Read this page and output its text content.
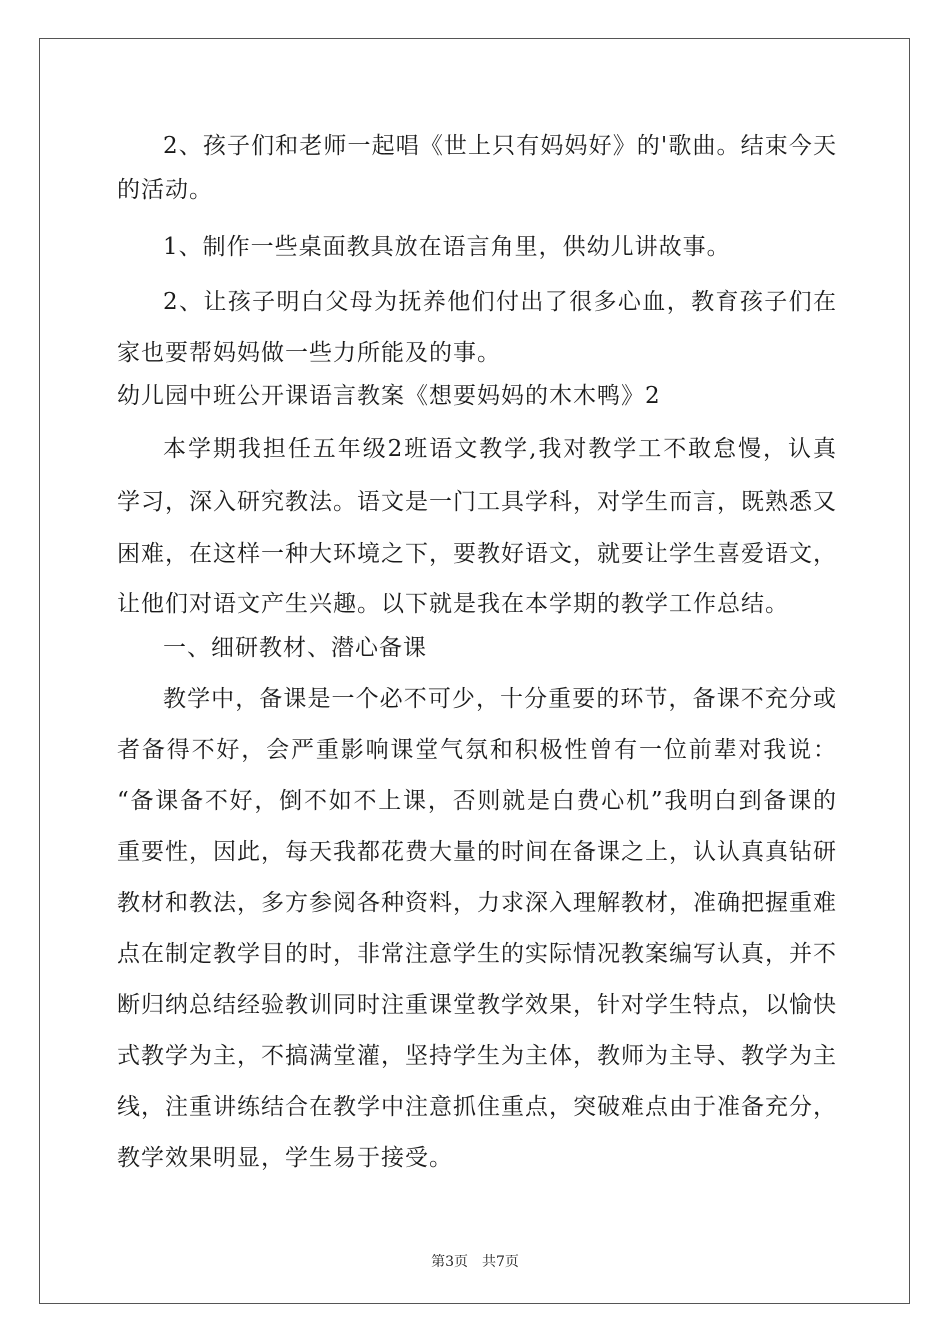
2、孩子们和老师一起唱《世上只有妈妈好》的'歌曲。结束今天
的活动。
1、制作一些桌面教具放在语言角里，供幼儿讲故事。
2、让孩子明白父母为抚养他们付出了很多心血，教育孩子们在
家也要帮妈妈做一些力所能及的事。
幼儿园中班公开课语言教案《想要妈妈的木木鸭》2
本学期我担任五年级2班语文教学,我对教学工不敢怠慢，认真
学习，深入研究教法。语文是一门工具学科，对学生而言，既熟悉又
困难，在这样一种大环境之下，要教好语文，就要让学生喜爱语文，
让他们对语文产生兴趣。以下就是我在本学期的教学工作总结。
一、细研教材、潜心备课
教学中，备课是一个必不可少，十分重要的环节，备课不充分或
者备得不好，会严重影响课堂气氛和积极性曾有一位前辈对我说：
“备课备不好，倒不如不上课，否则就是白费心机”我明白到备课的
重要性，因此，每天我都花费大量的时间在备课之上，认认真真钻研
教材和教法，多方参阅各种资料，力求深入理解教材，准确把握重难
点在制定教学目的时，非常注意学生的实际情况教案编写认真，并不
断归纳总结经验教训同时注重课堂教学效果，针对学生特点，以愉快
式教学为主，不搞满堂灌，坚持学生为主体，教师为主导、教学为主
线，注重讲练结合在教学中注意抓住重点，突破难点由于准备充分，
教学效果明显，学生易于接受。
第3页　共7页
